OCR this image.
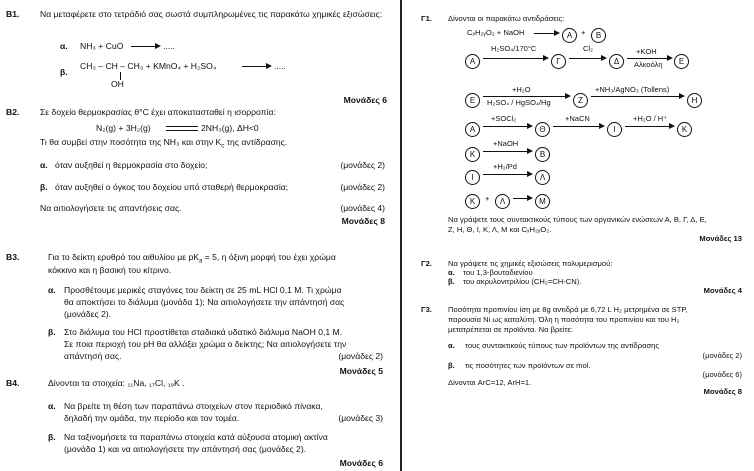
Β1. Να μεταφέρετε στο τετράδιό σας σωστά συμπληρωμένες τις παρακάτω χημικές εξισώσεις:
α. NH₃ + CuO	.....
β.
CH₃ – CH – CH₃ + KMnO₄ + H₂SO₄	.....
OH
Μονάδες 6
Β2. Σε δοχείο θερμοκρασίας θ°C έχει αποκατασταθεί η ισορροπία:
N₂(g) + 3H₂(g)	2NH₃(g), ΔH<0
Τι θα συμβεί στην ποσότητα της NH₃ και στην $K_c$ της αντίδρασης.
α. όταν αυξηθεί η θερμοκρασία στο δοχείο;	(μονάδες 2)
β. όταν αυξηθεί ο όγκος του δοχείου υπό σταθερή θερμοκρασία;	(μονάδες 2)
Να αιτιολογήσετε τις απαντήσεις σας.	(μονάδες 4)
Μονάδες 8
Β3.	Για το δείκτη ερυθρό του αιθυλίου με $pK_a = 5$, η όξινη μορφή του έχει χρώμα
κόκκινο και η βασική του κίτρινο.
α. Προσθέτουμε μερικές σταγόνες του δείκτη σε 25 mL HCl 0,1 M. Τι χρώμα
θα αποκτήσει το διάλυμα (μονάδα 1); Να αιτιολογήσετε την απάντησή σας
(μονάδες 2).
β. Στο διάλυμα του HCl προστίθεται σταδιακά υδατικό διάλυμα NaOH 0,1 M.
Σε ποια περιοχή του pH θα αλλάξει χρώμα ο δείκτης; Να αιτιολογήσετε την
απάντησή σας.	(μονάδες 2)
Μονάδες 5
Β4.	Δίνονται τα στοιχεία: ₁₁Na, ₁₇Cl, ₁₉K .
α. Να βρείτε τη θέση των παραπάνω στοιχείων στον περιοδικό πίνακα,
δηλαδή την ομάδα, την περίοδο και τον τομέα.	(μονάδες 3)
β. Να ταξινομήσετε τα παραπάνω στοιχεία κατά αύξουσα ατομική ακτίνα
(μονάδα 1) και να αιτιολογήσετε την απάντησή σας (μονάδες 2).
Μονάδες 6
Γ1. Δίνονται οι παρακάτω αντιδράσεις:
CₓH₂ᵧO₂ + NaOH	A	+	B
A
H₂SO₄/170°C
Γ
Cl₂
Δ
+KOH
Αλκοόλη	E
E
+H₂O
H₂SO₄ / HgSO₄/Hg	Z
+NH₃/AgNO₃ (Tollens)
H
A
+SOCl₂
Θ
+NaCN
I
+H₂O / H⁺
K
K
+NaOH
B
I
+H₂/Pd
Λ
K	+	Λ	M
Να γράψετε τους συντακτικούς τύπους των οργανικών ενώσεων Α, Β, Γ, Δ, Ε,
Ζ, Η, Θ, Ι, Κ, Λ, Μ και CₓH₂ᵧO₂.
Μονάδες 13
Γ2. Να γράψετε τις χημικές εξισώσεις πολυμερισμού:
α. του 1,3-βουταδιενίου
β. του ακρυλονιτριλίου (CH₂=CH-CN).
Μονάδες 4
Γ3. Ποσότητα προπινίου ίση με 8g αντιδρά με 6,72 L H₂ μετρημένα σε STP,
παρουσία Ni ως καταλύτη. Όλη η ποσότητα του προπινίου και του H₂
μετατρέπεται σε προϊόντα. Να βρείτε:
α. τους συντακτικούς τύπους των προϊόντων της αντίδρασης
(μονάδες 2)
β. τις ποσότητες των προϊόντων σε mol.
(μονάδες 6)
Δίνονται ArC=12, ArH=1.
Μονάδες 8
